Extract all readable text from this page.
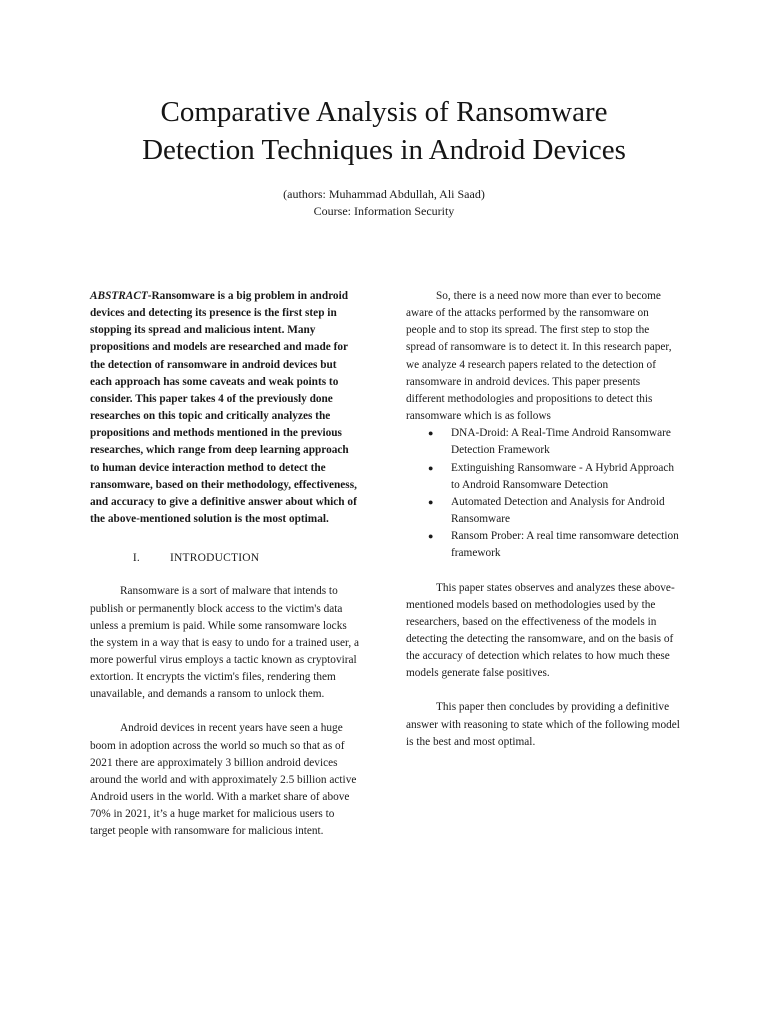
Comparative Analysis of Ransomware
Detection Techniques in Android Devices
(authors: Muhammad Abdullah, Ali Saad)
Course: Information Security

ABSTRACT-Ransomware is a big problem in android devices and detecting its presence is the first step in stopping its spread and malicious intent. Many propositions and models are researched and made for the detection of ransomware in android devices but each approach has some caveats and weak points to consider. This paper takes 4 of the previously done researches on this topic and critically analyzes the propositions and methods mentioned in the previous researches, which range from deep learning approach to human device interaction method to detect the ransomware, based on their methodology, effectiveness, and accuracy to give a definitive answer about which of the above-mentioned solution is the most optimal.

I.	INTRODUCTION

Ransomware is a sort of malware that intends to publish or permanently block access to the victim's data unless a premium is paid. While some ransomware locks the system in a way that is easy to undo for a trained user, a more powerful virus employs a tactic known as cryptoviral extortion. It encrypts the victim's files, rendering them unavailable, and demands a ransom to unlock them.

Android devices in recent years have seen a huge boom in adoption across the world so much so that as of 2021 there are approximately 3 billion android devices around the world and with approximately 2.5 billion active Android users in the world. With a market share of above 70% in 2021, it’s a huge market for malicious users to target people with ransomware for malicious intent.

So, there is a need now more than ever to become aware of the attacks performed by the ransomware on people and to stop its spread. The first step to stop the spread of ransomware is to detect it. In this research paper, we analyze 4 research papers related to the detection of ransomware in android devices. This paper presents different methodologies and propositions to detect this ransomware which is as follows

● DNA-Droid: A Real-Time Android Ransomware Detection Framework
● Extinguishing Ransomware - A Hybrid Approach to Android Ransomware Detection
● Automated Detection and Analysis for Android Ransomware
● Ransom Prober: A real time ransomware detection framework

This paper states observes and analyzes these above-mentioned models based on methodologies used by the researchers, based on the effectiveness of the models in detecting the detecting the ransomware, and on the basis of the accuracy of detection which relates to how much these models generate false positives.

This paper then concludes by providing a definitive answer with reasoning to state which of the following model is the best and most optimal.
